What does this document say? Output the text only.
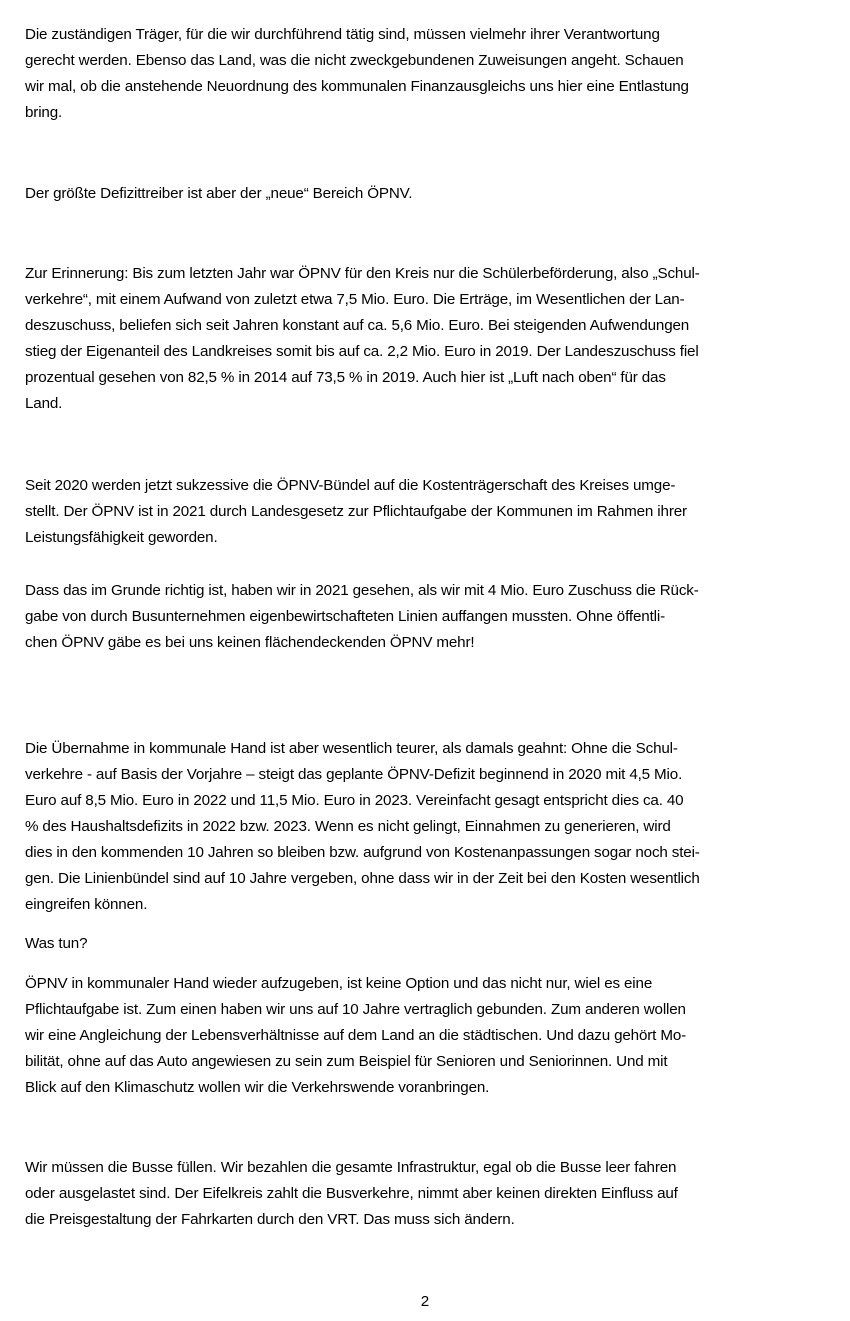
Die zuständigen Träger, für die wir durchführend tätig sind, müssen vielmehr ihrer Verantwortung
gerecht werden. Ebenso das Land, was die nicht zweckgebundenen Zuweisungen angeht. Schauen
wir mal, ob die anstehende Neuordnung des kommunalen Finanzausgleichs uns hier eine Entlastung
bring.

Der größte Defizittreiber ist aber der „neue“ Bereich ÖPNV.

Zur Erinnerung: Bis zum letzten Jahr war ÖPNV für den Kreis nur die Schülerbeförderung, also „Schul-
verkehre“, mit einem Aufwand von zuletzt etwa 7,5 Mio. Euro. Die Erträge, im Wesentlichen der Lan-
deszuschuss, beliefen sich seit Jahren konstant auf ca. 5,6 Mio. Euro. Bei steigenden Aufwendungen
stieg der Eigenanteil des Landkreises somit bis auf ca. 2,2 Mio. Euro in 2019. Der Landeszuschuss fiel
prozentual gesehen von 82,5 % in 2014 auf 73,5 % in 2019. Auch hier ist „Luft nach oben“ für das
Land.

Seit 2020 werden jetzt sukzessive die ÖPNV-Bündel auf die Kostenträgerschaft des Kreises umge-
stellt. Der ÖPNV ist in 2021 durch Landesgesetz zur Pflichtaufgabe der Kommunen im Rahmen ihrer
Leistungsfähigkeit geworden.

Dass das im Grunde richtig ist, haben wir in 2021 gesehen, als wir mit 4 Mio. Euro Zuschuss die Rück-
gabe von durch Busunternehmen eigenbewirtschafteten Linien auffangen mussten. Ohne öffentli-
chen ÖPNV gäbe es bei uns keinen flächendeckenden ÖPNV mehr!

Die Übernahme in kommunale Hand ist aber wesentlich teurer, als damals geahnt: Ohne die Schul-
verkehre - auf Basis der Vorjahre – steigt das geplante ÖPNV-Defizit beginnend in 2020 mit 4,5 Mio.
Euro auf 8,5 Mio. Euro in 2022 und 11,5 Mio. Euro in 2023. Vereinfacht gesagt entspricht dies ca. 40
% des Haushaltsdefizits in 2022 bzw. 2023. Wenn es nicht gelingt, Einnahmen zu generieren, wird
dies in den kommenden 10 Jahren so bleiben bzw. aufgrund von Kostenanpassungen sogar noch stei-
gen. Die Linienbündel sind auf 10 Jahre vergeben, ohne dass wir in der Zeit bei den Kosten wesentlich
eingreifen können.

Was tun?

ÖPNV in kommunaler Hand wieder aufzugeben, ist keine Option und das nicht nur, wiel es eine
Pflichtaufgabe ist. Zum einen haben wir uns auf 10 Jahre vertraglich gebunden. Zum anderen wollen
wir eine Angleichung der Lebensverhältnisse auf dem Land an die städtischen. Und dazu gehört Mo-
bilität, ohne auf das Auto angewiesen zu sein zum Beispiel für Senioren und Seniorinnen. Und mit
Blick auf den Klimaschutz wollen wir die Verkehrswende voranbringen.

Wir müssen die Busse füllen. Wir bezahlen die gesamte Infrastruktur, egal ob die Busse leer fahren
oder ausgelastet sind. Der Eifelkreis zahlt die Busverkehre, nimmt aber keinen direkten Einfluss auf
die Preisgestaltung der Fahrkarten durch den VRT. Das muss sich ändern.

2
